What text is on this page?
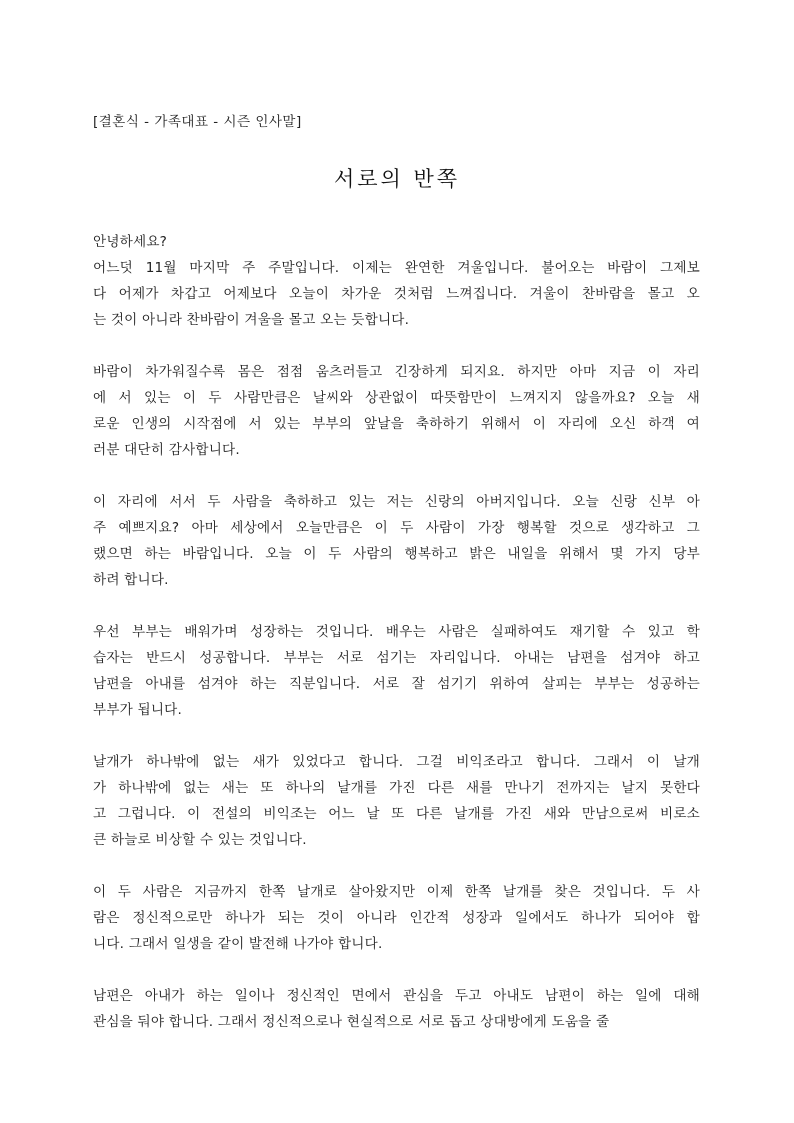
[결혼식 - 가족대표 - 시즌 인사말]
서로의 반쪽
안녕하세요?
어느덧 11월 마지막 주 주말입니다. 이제는 완연한 겨울입니다. 불어오는 바람이 그제보
다 어제가 차갑고 어제보다 오늘이 차가운 것처럼 느껴집니다. 겨울이 찬바람을 몰고 오
는 것이 아니라 찬바람이 겨울을 몰고 오는 듯합니다.
바람이 차가워질수록 몸은 점점 움츠러들고 긴장하게 되지요. 하지만 아마 지금 이 자리
에 서 있는 이 두 사람만큼은 날씨와 상관없이 따뜻함만이 느껴지지 않을까요? 오늘 새
로운 인생의 시작점에 서 있는 부부의 앞날을 축하하기 위해서 이 자리에 오신 하객 여
러분 대단히 감사합니다.
이 자리에 서서 두 사람을 축하하고 있는 저는 신랑의 아버지입니다. 오늘 신랑 신부 아
주 예쁘지요? 아마 세상에서 오늘만큼은 이 두 사람이 가장 행복할 것으로 생각하고 그
랬으면 하는 바람입니다. 오늘 이 두 사람의 행복하고 밝은 내일을 위해서 몇 가지 당부
하려 합니다.
우선 부부는 배워가며 성장하는 것입니다. 배우는 사람은 실패하여도 재기할 수 있고 학
습자는 반드시 성공합니다. 부부는 서로 섬기는 자리입니다. 아내는 남편을 섬겨야 하고
남편을 아내를 섬겨야 하는 직분입니다. 서로 잘 섬기기 위하여 살피는 부부는 성공하는
부부가 됩니다.
날개가 하나밖에 없는 새가 있었다고 합니다. 그걸 비익조라고 합니다. 그래서 이 날개
가 하나밖에 없는 새는 또 하나의 날개를 가진 다른 새를 만나기 전까지는 날지 못한다
고 그럽니다. 이 전설의 비익조는 어느 날 또 다른 날개를 가진 새와 만남으로써 비로소
큰 하늘로 비상할 수 있는 것입니다.
이 두 사람은 지금까지 한쪽 날개로 살아왔지만 이제 한쪽 날개를 찾은 것입니다. 두 사
람은 정신적으로만 하나가 되는 것이 아니라 인간적 성장과 일에서도 하나가 되어야 합
니다. 그래서 일생을 같이 발전해 나가야 합니다.
남편은 아내가 하는 일이나 정신적인 면에서 관심을 두고 아내도 남편이 하는 일에 대해
관심을 둬야 합니다. 그래서 정신적으로나 현실적으로 서로 돕고 상대방에게 도움을 줄
